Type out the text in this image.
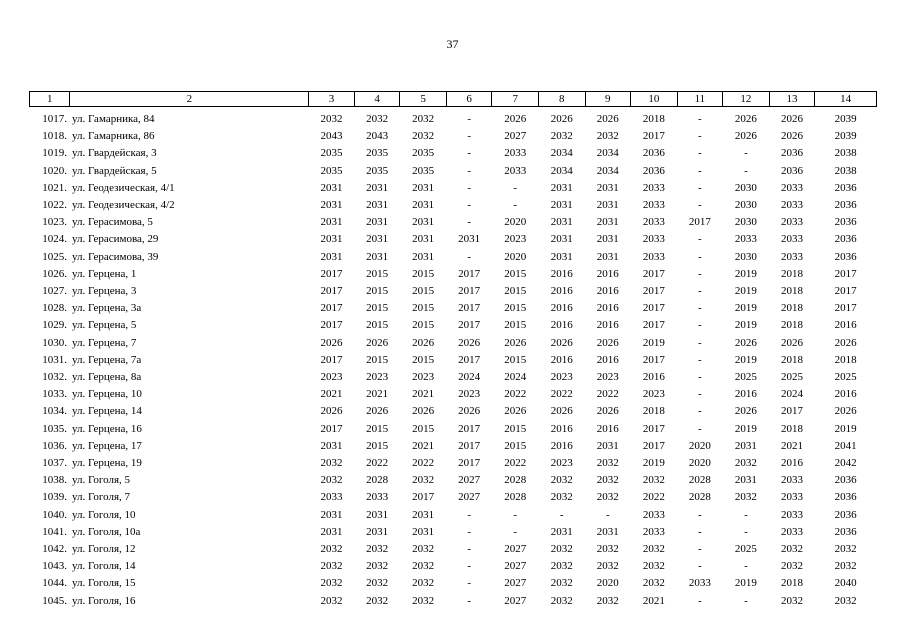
37
1	2	3	4	5	6	7	8	9	10	11	12	13	14
1017.	ул. Гамарника, 84	2032	2032	2032	-	2026	2026	2026	2018	-	2026	2026	2039
1018.	ул. Гамарника, 86	2043	2043	2032	-	2027	2032	2032	2017	-	2026	2026	2039
1019.	ул. Гвардейская, 3	2035	2035	2035	-	2033	2034	2034	2036	-	-	2036	2038
1020.	ул. Гвардейская, 5	2035	2035	2035	-	2033	2034	2034	2036	-	-	2036	2038
1021.	ул. Геодезическая, 4/1	2031	2031	2031	-	-	2031	2031	2033	-	2030	2033	2036
1022.	ул. Геодезическая, 4/2	2031	2031	2031	-	-	2031	2031	2033	-	2030	2033	2036
1023.	ул. Герасимова, 5	2031	2031	2031	-	2020	2031	2031	2033	2017	2030	2033	2036
1024.	ул. Герасимова, 29	2031	2031	2031	2031	2023	2031	2031	2033	-	2033	2033	2036
1025.	ул. Герасимова, 39	2031	2031	2031	-	2020	2031	2031	2033	-	2030	2033	2036
1026.	ул. Герцена, 1	2017	2015	2015	2017	2015	2016	2016	2017	-	2019	2018	2017
1027.	ул. Герцена, 3	2017	2015	2015	2017	2015	2016	2016	2017	-	2019	2018	2017
1028.	ул. Герцена, 3а	2017	2015	2015	2017	2015	2016	2016	2017	-	2019	2018	2017
1029.	ул. Герцена, 5	2017	2015	2015	2017	2015	2016	2016	2017	-	2019	2018	2016
1030.	ул. Герцена, 7	2026	2026	2026	2026	2026	2026	2026	2019	-	2026	2026	2026
1031.	ул. Герцена, 7а	2017	2015	2015	2017	2015	2016	2016	2017	-	2019	2018	2018
1032.	ул. Герцена, 8а	2023	2023	2023	2024	2024	2023	2023	2016	-	2025	2025	2025
1033.	ул. Герцена, 10	2021	2021	2021	2023	2022	2022	2022	2023	-	2016	2024	2016
1034.	ул. Герцена, 14	2026	2026	2026	2026	2026	2026	2026	2018	-	2026	2017	2026
1035.	ул. Герцена, 16	2017	2015	2015	2017	2015	2016	2016	2017	-	2019	2018	2019
1036.	ул. Герцена, 17	2031	2015	2021	2017	2015	2016	2031	2017	2020	2031	2021	2041
1037.	ул. Герцена, 19	2032	2022	2022	2017	2022	2023	2032	2019	2020	2032	2016	2042
1038.	ул. Гоголя, 5	2032	2028	2032	2027	2028	2032	2032	2032	2028	2031	2033	2036
1039.	ул. Гоголя, 7	2033	2033	2017	2027	2028	2032	2032	2022	2028	2032	2033	2036
1040.	ул. Гоголя, 10	2031	2031	2031	-	-	-	-	2033	-	-	2033	2036
1041.	ул. Гоголя, 10а	2031	2031	2031	-	-	2031	2031	2033	-	-	2033	2036
1042.	ул. Гоголя, 12	2032	2032	2032	-	2027	2032	2032	2032	-	2025	2032	2032
1043.	ул. Гоголя, 14	2032	2032	2032	-	2027	2032	2032	2032	-	-	2032	2032
1044.	ул. Гоголя, 15	2032	2032	2032	-	2027	2032	2020	2032	2033	2019	2018	2040
1045.	ул. Гоголя, 16	2032	2032	2032	-	2027	2032	2032	2021	-	-	2032	2032
